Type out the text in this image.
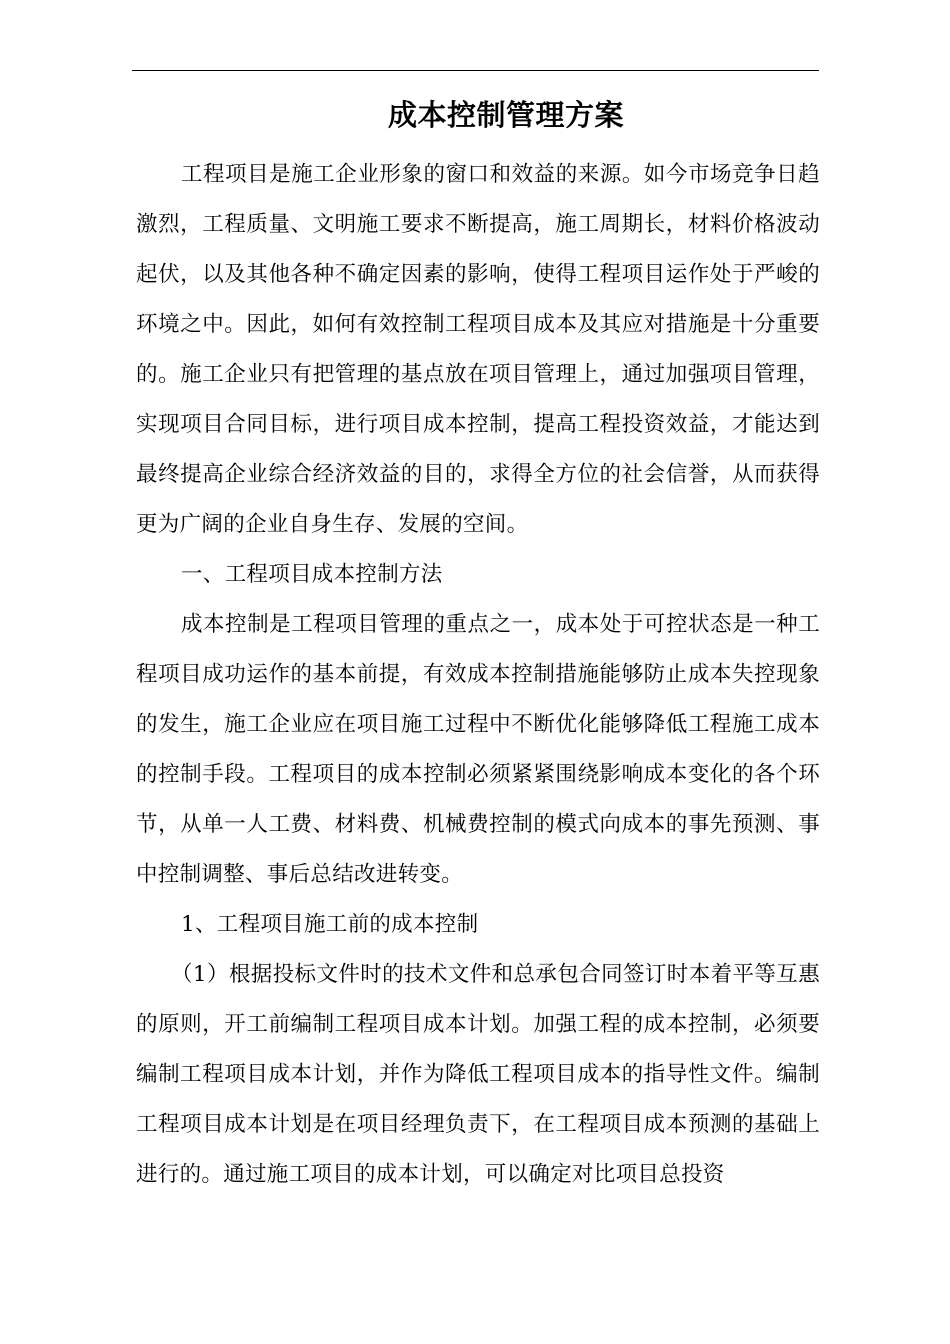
成本控制管理方案

工程项目是施工企业形象的窗口和效益的来源。如今市场竞争日趋激烈，工程质量、文明施工要求不断提高，施工周期长，材料价格波动起伏，以及其他各种不确定因素的影响，使得工程项目运作处于严峻的环境之中。因此，如何有效控制工程项目成本及其应对措施是十分重要的。施工企业只有把管理的基点放在项目管理上，通过加强项目管理，实现项目合同目标，进行项目成本控制，提高工程投资效益，才能达到最终提高企业综合经济效益的目的，求得全方位的社会信誉，从而获得更为广阔的企业自身生存、发展的空间。

一、工程项目成本控制方法

成本控制是工程项目管理的重点之一，成本处于可控状态是一种工程项目成功运作的基本前提，有效成本控制措施能够防止成本失控现象的发生，施工企业应在项目施工过程中不断优化能够降低工程施工成本的控制手段。工程项目的成本控制必须紧紧围绕影响成本变化的各个环节，从单一人工费、材料费、机械费控制的模式向成本的事先预测、事中控制调整、事后总结改进转变。

1、工程项目施工前的成本控制

（1）根据投标文件时的技术文件和总承包合同签订时本着平等互惠的原则，开工前编制工程项目成本计划。加强工程的成本控制，必须要编制工程项目成本计划，并作为降低工程项目成本的指导性文件。编制工程项目成本计划是在项目经理负责下，在工程项目成本预测的基础上进行的。通过施工项目的成本计划，可以确定对比项目总投资
